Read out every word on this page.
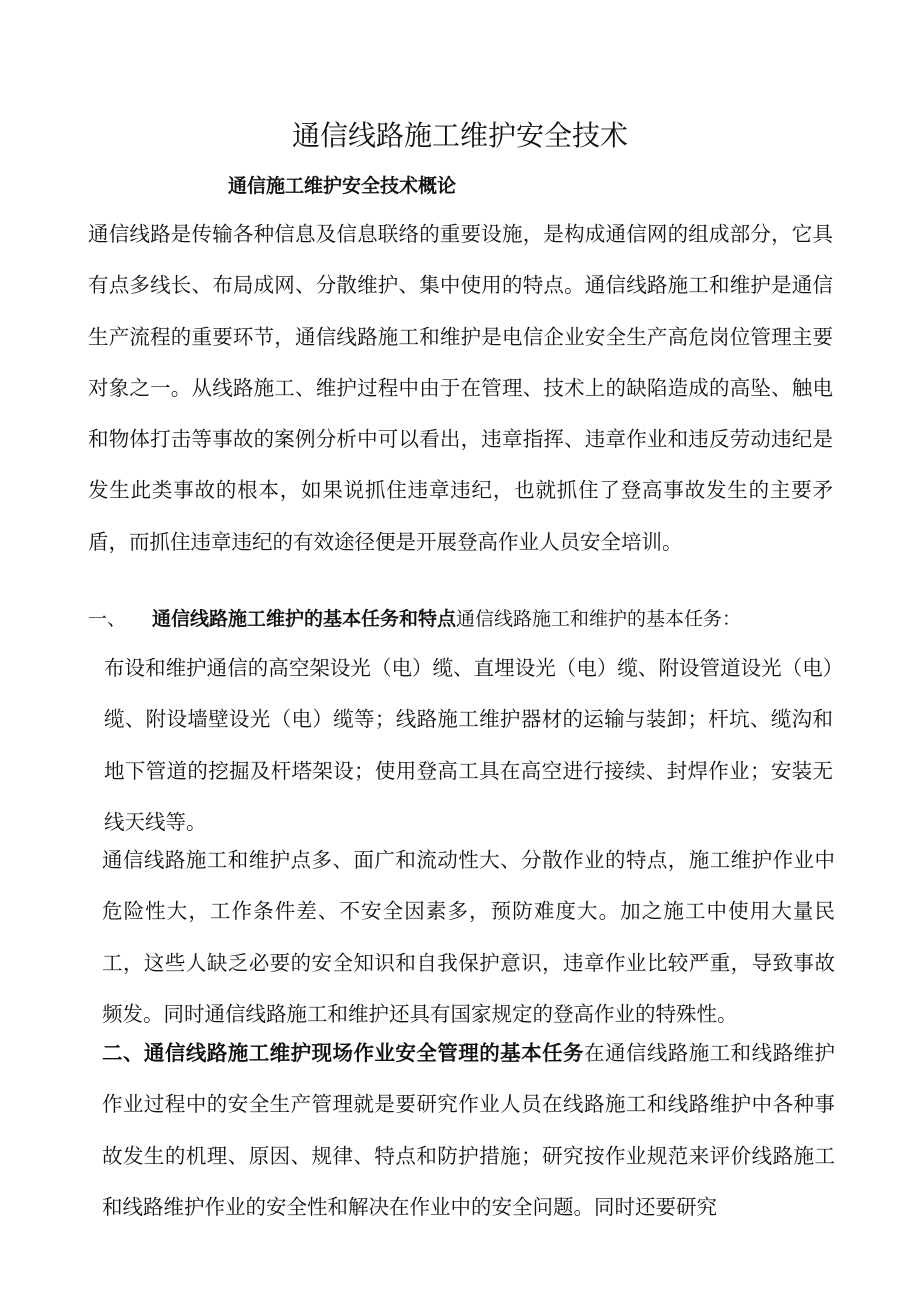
通信线路施工维护安全技术
通信施工维护安全技术概论
通信线路是传输各种信息及信息联络的重要设施，是构成通信网的组成部分，它具有点多线长、布局成网、分散维护、集中使用的特点。通信线路施工和维护是通信生产流程的重要环节，通信线路施工和维护是电信企业安全生产高危岗位管理主要对象之一。从线路施工、维护过程中由于在管理、技术上的缺陷造成的高坠、触电和物体打击等事故的案例分析中可以看出，违章指挥、违章作业和违反劳动违纪是发生此类事故的根本，如果说抓住违章违纪，也就抓住了登高事故发生的主要矛盾，而抓住违章违纪的有效途径便是开展登高作业人员安全培训。
一、 通信线路施工维护的基本任务和特点通信线路施工和维护的基本任务：
布设和维护通信的高空架设光（电）缆、直埋设光（电）缆、附设管道设光（电）缆、附设墙壁设光（电）缆等；线路施工维护器材的运输与装卸；杆坑、缆沟和地下管道的挖掘及杆塔架设；使用登高工具在高空进行接续、封焊作业；安装无线天线等。
通信线路施工和维护点多、面广和流动性大、分散作业的特点，施工维护作业中危险性大，工作条件差、不安全因素多，预防难度大。加之施工中使用大量民工，这些人缺乏必要的安全知识和自我保护意识，违章作业比较严重，导致事故频发。同时通信线路施工和维护还具有国家规定的登高作业的特殊性。
二、通信线路施工维护现场作业安全管理的基本任务在通信线路施工和线路维护作业过程中的安全生产管理就是要研究作业人员在线路施工和线路维护中各种事故发生的机理、原因、规律、特点和防护措施；研究按作业规范来评价线路施工和线路维护作业的安全性和解决在作业中的安全问题。同时还要研究
